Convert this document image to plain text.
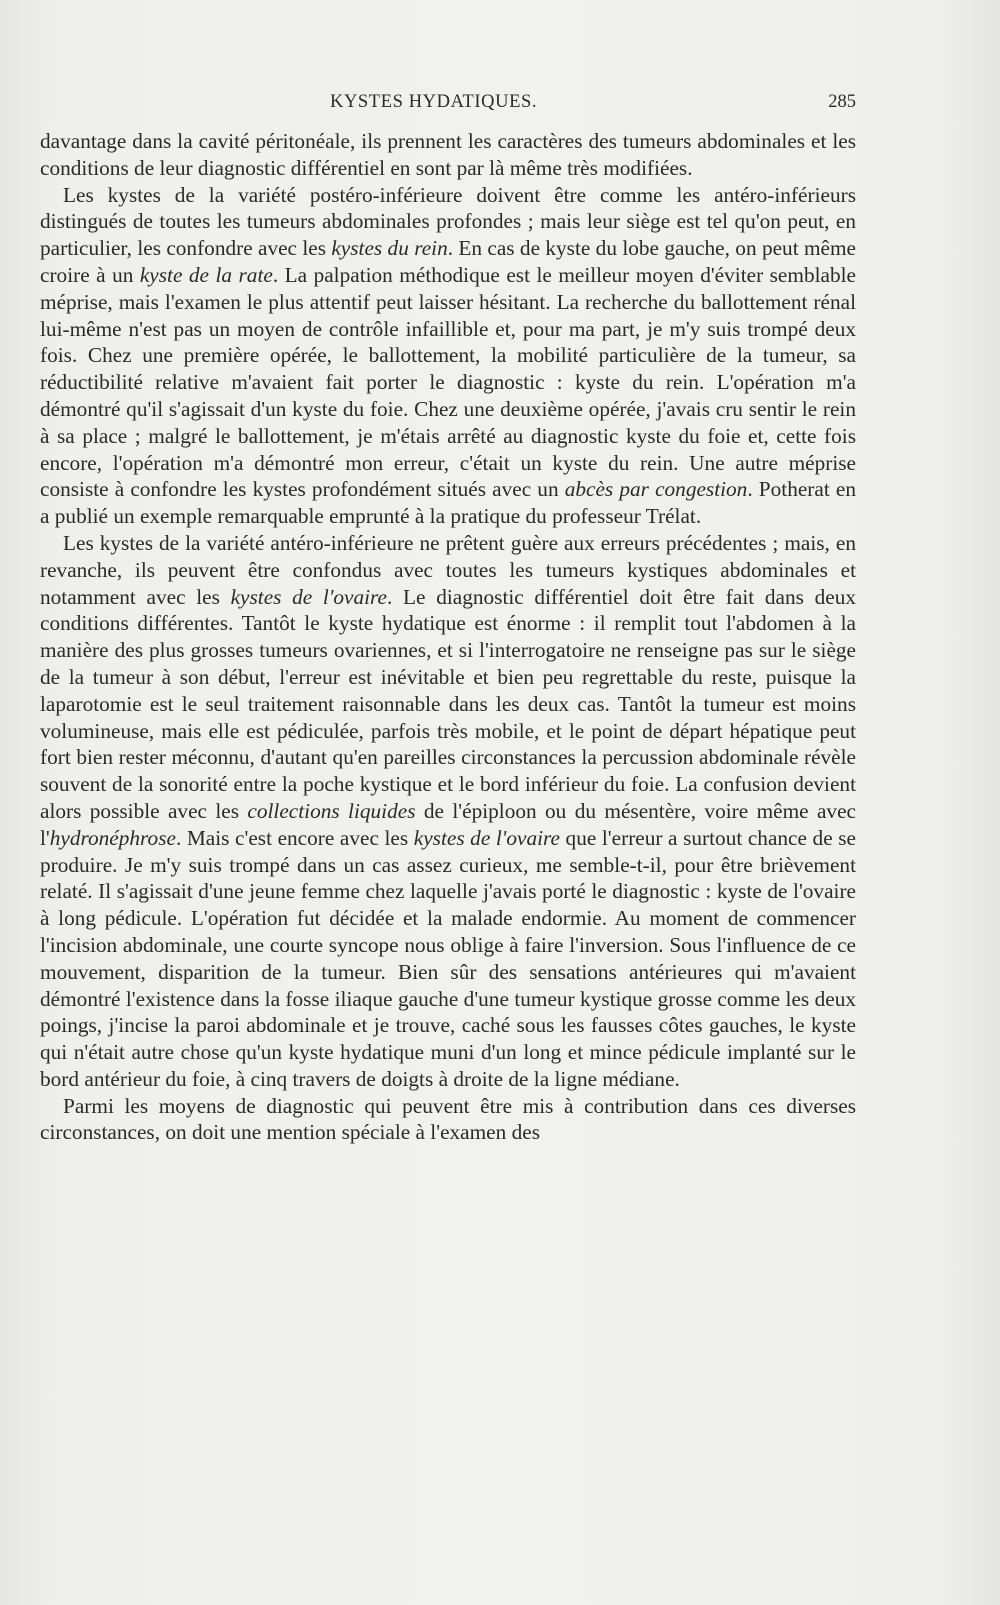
KYSTES HYDATIQUES.	285

davantage dans la cavité péritonéale, ils prennent les caractères des tumeurs abdominales et les conditions de leur diagnostic différentiel en sont par là même très modifiées.

Les kystes de la variété postéro-inférieure doivent être comme les antéro-inférieurs distingués de toutes les tumeurs abdominales profondes ; mais leur siège est tel qu'on peut, en particulier, les confondre avec les kystes du rein. En cas de kyste du lobe gauche, on peut même croire à un kyste de la rate. La palpation méthodique est le meilleur moyen d'éviter semblable méprise, mais l'examen le plus attentif peut laisser hésitant. La recherche du ballottement rénal lui-même n'est pas un moyen de contrôle infaillible et, pour ma part, je m'y suis trompé deux fois. Chez une première opérée, le ballottement, la mobilité particulière de la tumeur, sa réductibilité relative m'avaient fait porter le diagnostic : kyste du rein. L'opération m'a démontré qu'il s'agissait d'un kyste du foie. Chez une deuxième opérée, j'avais cru sentir le rein à sa place ; malgré le ballottement, je m'étais arrêté au diagnostic kyste du foie et, cette fois encore, l'opération m'a démontré mon erreur, c'était un kyste du rein. Une autre méprise consiste à confondre les kystes profondément situés avec un abcès par congestion. Potherat en a publié un exemple remarquable emprunté à la pratique du professeur Trélat.

Les kystes de la variété antéro-inférieure ne prêtent guère aux erreurs précédentes ; mais, en revanche, ils peuvent être confondus avec toutes les tumeurs kystiques abdominales et notamment avec les kystes de l'ovaire. Le diagnostic différentiel doit être fait dans deux conditions différentes. Tantôt le kyste hydatique est énorme : il remplit tout l'abdomen à la manière des plus grosses tumeurs ovariennes, et si l'interrogatoire ne renseigne pas sur le siège de la tumeur à son début, l'erreur est inévitable et bien peu regrettable du reste, puisque la laparotomie est le seul traitement raisonnable dans les deux cas. Tantôt la tumeur est moins volumineuse, mais elle est pédiculée, parfois très mobile, et le point de départ hépatique peut fort bien rester méconnu, d'autant qu'en pareilles circonstances la percussion abdominale révèle souvent de la sonorité entre la poche kystique et le bord inférieur du foie. La confusion devient alors possible avec les collections liquides de l'épiploon ou du mésentère, voire même avec l'hydronéphrose. Mais c'est encore avec les kystes de l'ovaire que l'erreur a surtout chance de se produire. Je m'y suis trompé dans un cas assez curieux, me semble-t-il, pour être brièvement relaté. Il s'agissait d'une jeune femme chez laquelle j'avais porté le diagnostic : kyste de l'ovaire à long pédicule. L'opération fut décidée et la malade endormie. Au moment de commencer l'incision abdominale, une courte syncope nous oblige à faire l'inversion. Sous l'influence de ce mouvement, disparition de la tumeur. Bien sûr des sensations antérieures qui m'avaient démontré l'existence dans la fosse iliaque gauche d'une tumeur kystique grosse comme les deux poings, j'incise la paroi abdominale et je trouve, caché sous les fausses côtes gauches, le kyste qui n'était autre chose qu'un kyste hydatique muni d'un long et mince pédicule implanté sur le bord antérieur du foie, à cinq travers de doigts à droite de la ligne médiane.

Parmi les moyens de diagnostic qui peuvent être mis à contribution dans ces diverses circonstances, on doit une mention spéciale à l'examen des
